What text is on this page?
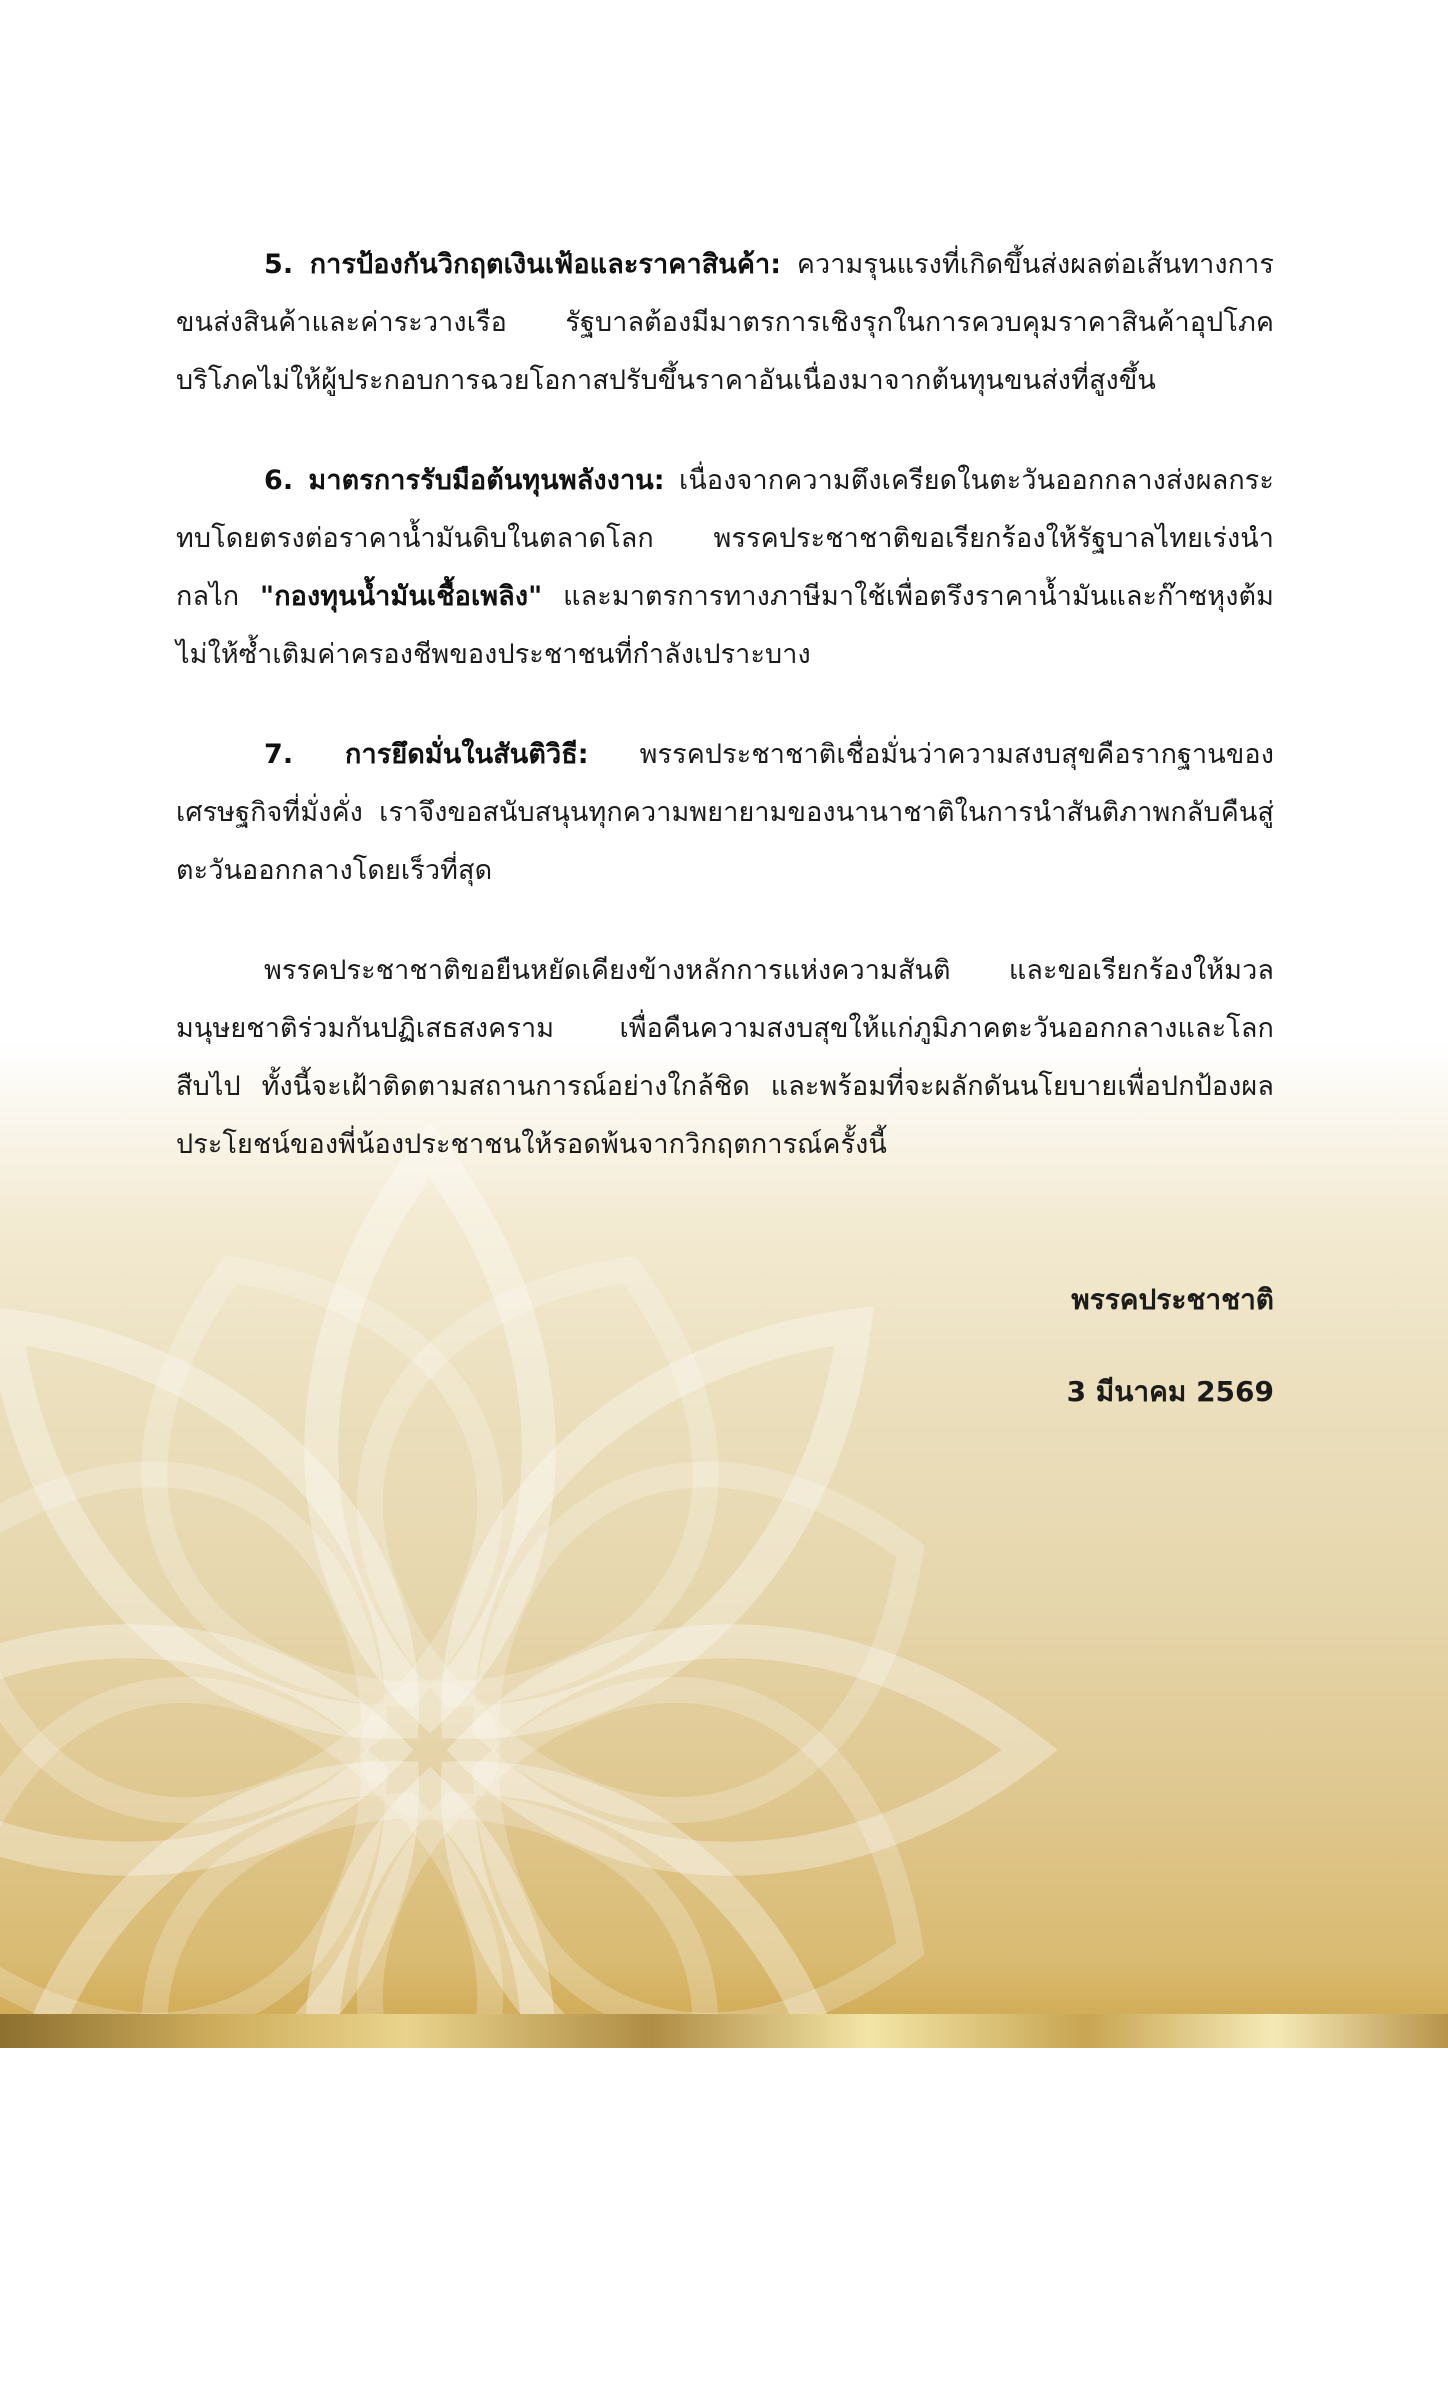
5. การป้องกันวิกฤตเงินเฟ้อและราคาสินค้า: ความรุนแรงที่เกิดขึ้นส่งผลต่อเส้นทางการขนส่งสินค้าและค่าระวางเรือ รัฐบาลต้องมีมาตรการเชิงรุกในการควบคุมราคาสินค้าอุปโภคบริโภคไม่ให้ผู้ประกอบการฉวยโอกาสปรับขึ้นราคาอันเนื่องมาจากต้นทุนขนส่งที่สูงขึ้น

6. มาตรการรับมือต้นทุนพลังงาน: เนื่องจากความตึงเครียดในตะวันออกกลางส่งผลกระทบโดยตรงต่อราคาน้ำมันดิบในตลาดโลก พรรคประชาชาติขอเรียกร้องให้รัฐบาลไทยเร่งนำกลไก "กองทุนน้ำมันเชื้อเพลิง" และมาตรการทางภาษีมาใช้เพื่อตรึงราคาน้ำมันและก๊าซหุงต้มไม่ให้ซ้ำเติมค่าครองชีพของประชาชนที่กำลังเปราะบาง

7. การยึดมั่นในสันติวิธี: พรรคประชาชาติเชื่อมั่นว่าความสงบสุขคือรากฐานของเศรษฐกิจที่มั่งคั่ง เราจึงขอสนับสนุนทุกความพยายามของนานาชาติในการนำสันติภาพกลับคืนสู่ตะวันออกกลางโดยเร็วที่สุด

พรรคประชาชาติขอยืนหยัดเคียงข้างหลักการแห่งความสันติ และขอเรียกร้องให้มวลมนุษยชาติร่วมกันปฏิเสธสงคราม เพื่อคืนความสงบสุขให้แก่ภูมิภาคตะวันออกกลางและโลกสืบไป ทั้งนี้จะเฝ้าติดตามสถานการณ์อย่างใกล้ชิด และพร้อมที่จะผลักดันนโยบายเพื่อปกป้องผลประโยชน์ของพี่น้องประชาชนให้รอดพ้นจากวิกฤตการณ์ครั้งนี้

พรรคประชาชาติ

3 มีนาคม 2569
